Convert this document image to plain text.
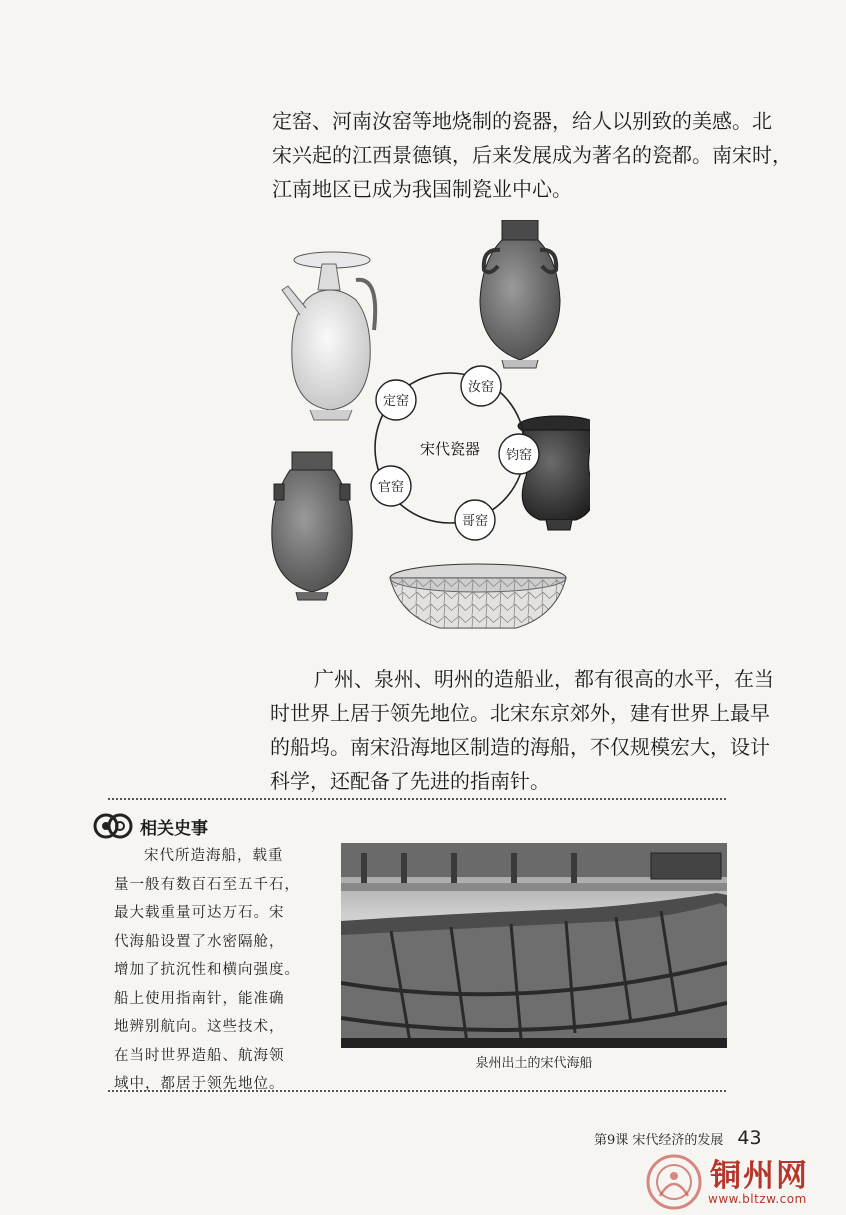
定窑、河南汝窑等地烧制的瓷器，给人以别致的美感。北
宋兴起的江西景德镇，后来发展成为著名的瓷都。南宋时，
江南地区已成为我国制瓷业中心。
宋代瓷器
定窑
汝窑
钧窑
哥窑
官窑
广州、泉州、明州的造船业，都有很高的水平，在当
时世界上居于领先地位。北宋东京郊外，建有世界上最早
的船坞。南宋沿海地区制造的海船，不仅规模宏大，设计
科学，还配备了先进的指南针。
相关史事
宋代所造海船，载重
量一般有数百石至五千石，
最大载重量可达万石。宋
代海船设置了水密隔舱，
增加了抗沉性和横向强度。
船上使用指南针，能准确
地辨别航向。这些技术，
在当时世界造船、航海领
域中，都居于领先地位。
泉州出土的宋代海船
第9课 宋代经济的发展 43
铜州网
www.bltzw.com
